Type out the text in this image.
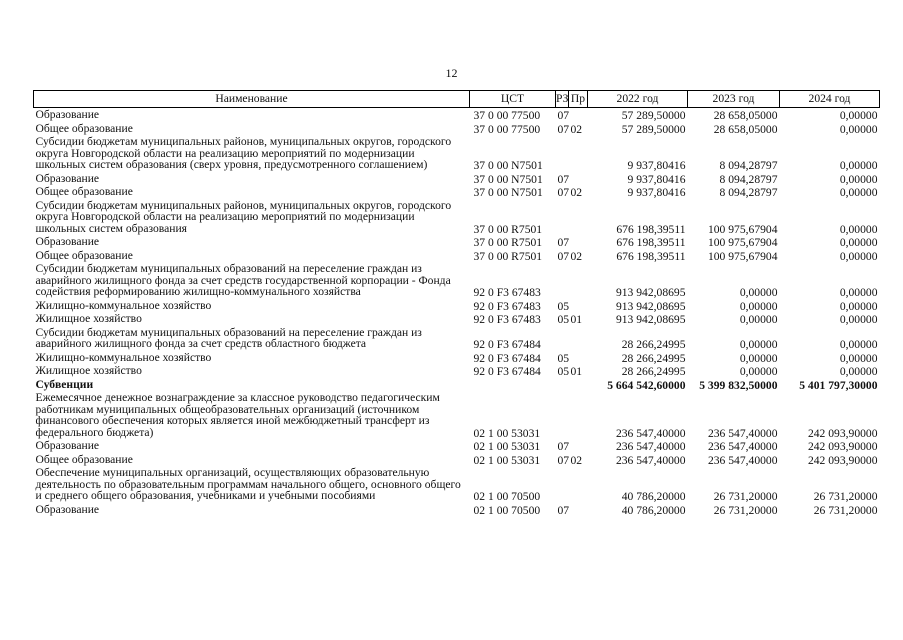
12
Наименование	ЦСТ	РЗ	Пр	2022 год	2023 год	2024 год
Образование	37 0 00 77500	07		57 289,50000	28 658,05000	0,00000
Общее образование	37 0 00 77500	07	02	57 289,50000	28 658,05000	0,00000
Субсидии бюджетам муниципальных районов, муниципальных округов, городского округа Новгородской области на реализацию мероприятий по модернизации школьных систем образования (сверх уровня, предусмотренного соглашением)	37 0 00 N7501			9 937,80416	8 094,28797	0,00000
Образование	37 0 00 N7501	07		9 937,80416	8 094,28797	0,00000
Общее образование	37 0 00 N7501	07	02	9 937,80416	8 094,28797	0,00000
Субсидии бюджетам муниципальных районов, муниципальных округов, городского округа Новгородской области на реализацию мероприятий по модернизации школьных систем образования	37 0 00 R7501			676 198,39511	100 975,67904	0,00000
Образование	37 0 00 R7501	07		676 198,39511	100 975,67904	0,00000
Общее образование	37 0 00 R7501	07	02	676 198,39511	100 975,67904	0,00000
Субсидии бюджетам муниципальных образований на переселение граждан из аварийного жилищного фонда за счет средств государственной корпорации - Фонда содействия реформированию жилищно-коммунального хозяйства	92 0 F3 67483			913 942,08695	0,00000	0,00000
Жилищно-коммунальное хозяйство	92 0 F3 67483	05		913 942,08695	0,00000	0,00000
Жилищное хозяйство	92 0 F3 67483	05	01	913 942,08695	0,00000	0,00000
Субсидии бюджетам муниципальных образований на переселение граждан из аварийного жилищного фонда за счет средств областного бюджета	92 0 F3 67484			28 266,24995	0,00000	0,00000
Жилищно-коммунальное хозяйство	92 0 F3 67484	05		28 266,24995	0,00000	0,00000
Жилищное хозяйство	92 0 F3 67484	05	01	28 266,24995	0,00000	0,00000
Субвенции				5 664 542,60000	5 399 832,50000	5 401 797,30000
Ежемесячное денежное вознаграждение за классное руководство педагогическим работникам муниципальных общеобразовательных организаций (источником финансового обеспечения которых является иной межбюджетный трансферт из федерального бюджета)	02 1 00 53031			236 547,40000	236 547,40000	242 093,90000
Образование	02 1 00 53031	07		236 547,40000	236 547,40000	242 093,90000
Общее образование	02 1 00 53031	07	02	236 547,40000	236 547,40000	242 093,90000
Обеспечение муниципальных организаций, осуществляющих образовательную деятельность по образовательным программам начального общего, основного общего и среднего общего образования, учебниками и учебными пособиями	02 1 00 70500			40 786,20000	26 731,20000	26 731,20000
Образование	02 1 00 70500	07		40 786,20000	26 731,20000	26 731,20000
